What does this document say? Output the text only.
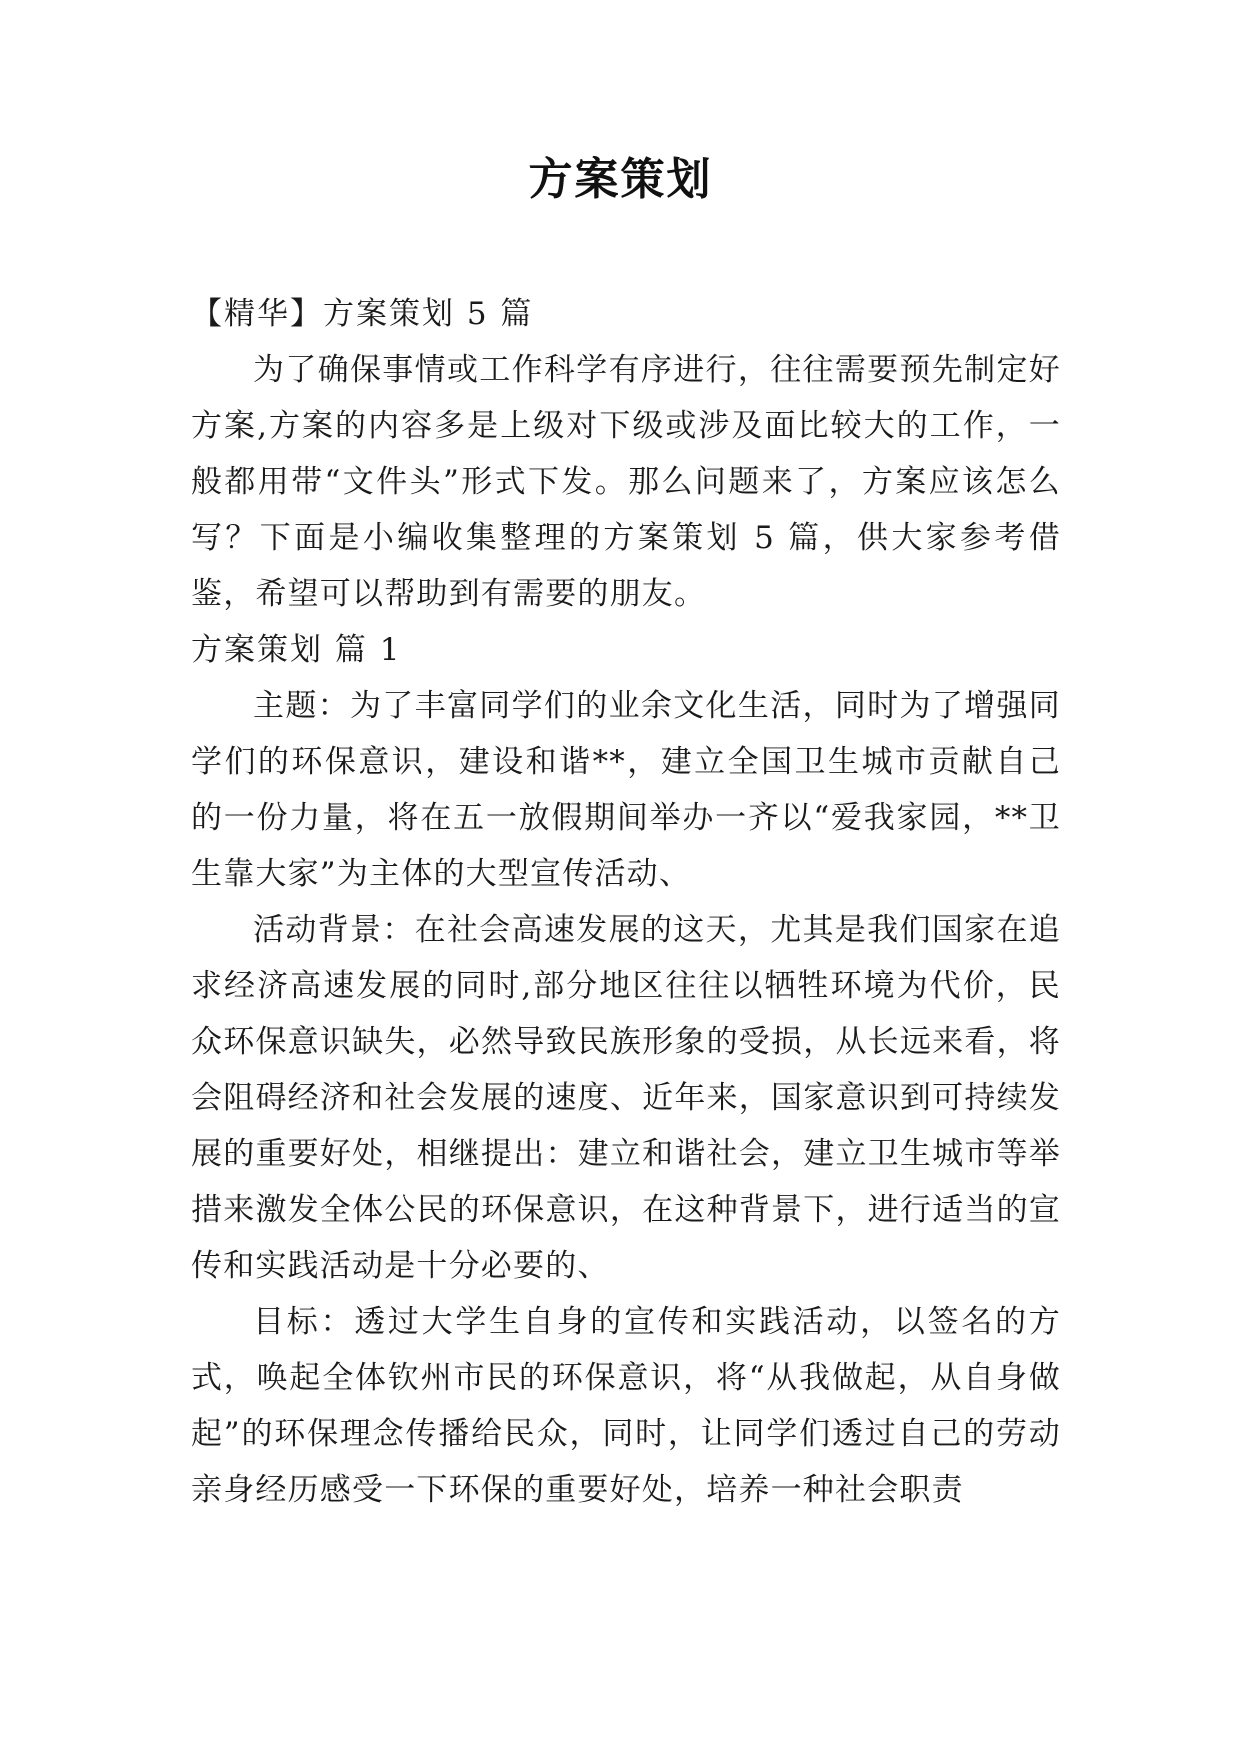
方案策划
【精华】方案策划 5 篇

为了确保事情或工作科学有序进行，往往需要预先制定好方案,方案的内容多是上级对下级或涉及面比较大的工作，一般都用带“文件头”形式下发。那么问题来了，方案应该怎么写？下面是小编收集整理的方案策划 5 篇，供大家参考借鉴，希望可以帮助到有需要的朋友。

方案策划 篇 1

主题：为了丰富同学们的业余文化生活，同时为了增强同学们的环保意识，建设和谐**，建立全国卫生城市贡献自己的一份力量，将在五一放假期间举办一齐以“爱我家园，**卫生靠大家”为主体的大型宣传活动、

活动背景：在社会高速发展的这天，尤其是我们国家在追求经济高速发展的同时,部分地区往往以牺牲环境为代价，民众环保意识缺失，必然导致民族形象的受损，从长远来看，将会阻碍经济和社会发展的速度、近年来，国家意识到可持续发展的重要好处，相继提出：建立和谐社会，建立卫生城市等举措来激发全体公民的环保意识，在这种背景下，进行适当的宣传和实践活动是十分必要的、

目标：透过大学生自身的宣传和实践活动，以签名的方式，唤起全体钦州市民的环保意识，将“从我做起，从自身做起”的环保理念传播给民众，同时，让同学们透过自己的劳动亲身经历感受一下环保的重要好处，培养一种社会职责
